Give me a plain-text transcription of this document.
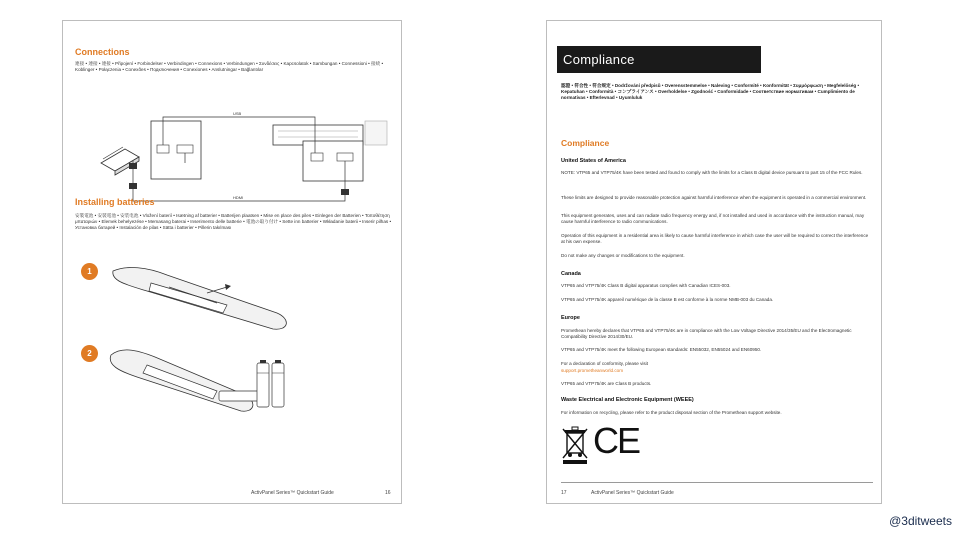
Connections
連接 • 連接 • 連接 • Připojení • Forbindelser • Verbindingen • Connexions • Verbindungen • Συνδέσεις • Kapcsolatok • Sambungan • Connessioni • 接続 • Koblinger • Połączenia • Conexões • Подключения • Conexiones • Anslutningar • Bağlantılar
USB
HDMI
Installing batteries
安裝電池 • 安裝電池 • 安装电池 • Vložení baterií • Isætning af batterier • Batterijen plaatsen • Mise en place des piles • Einlegen der Batterien • Τοποθέτηση μπαταριών • Elemek behelyezése • Memasang baterai • Inserimento delle batterie • 電池の取り付け • Sette inn batterier • Wkładanie baterii • Inserir pilhas • Установка батарей • Instalación de pilas • Sätta i batterier • Pillerin takılması
1
2
ActivPanel Series™ Quickstart Guide	16
Compliance
認證 • 符合性 • 符合规定 • Dodržování předpisů • Overensstemmelse • Naleving • Conformité • Konformität • Συμμόρφωση • Megfelelőség • Kepatuhan • Conformità • コンプライアンス • Overholdelse • Zgodność • Conformidade • Соответствие нормативам • Cumplimiento de normativas • Efterlevnad • Uyumluluk
Compliance
United States of America
NOTE: VTP65 and VTP75/4K have been tested and found to comply with the limits for a Class B digital device pursuant to part 15 of the FCC Rules.
These limits are designed to provide reasonable protection against harmful interference when the equipment is operated in a commercial environment.
This equipment generates, uses and can radiate radio frequency energy and, if not installed and used in accordance with the instruction manual, may cause harmful interference to radio communications.
Operation of this equipment in a residential area is likely to cause harmful interference in which case the user will be required to correct the interference at his own expense.
Do not make any changes or modifications to the equipment.
Canada
VTP65 and VTP75/4K Class B digital apparatus complies with Canadian ICES-003.
VTP65 and VTP75/4K appareil numérique de la classe B est conforme à la norme NMB-003 du Canada.
Europe
Promethean hereby declares that VTP65 and VTP75/4K are in compliance with the Low Voltage Directive 2014/35/EU and the Electromagnetic Compatibility Directive 2014/30/EU.
VTP65 and VTP75/4K meet the following European standards: EN55032, EN55024 and EN60950.
For a declaration of conformity, please visit
support.prometheanworld.com
VTP65 and VTP75/4K are Class B products.
Waste Electrical and Electronic Equipment (WEEE)
For information on recycling, please refer to the product disposal section of the Promethean support website.
CE
17	ActivPanel Series™ Quickstart Guide
@3ditweets
